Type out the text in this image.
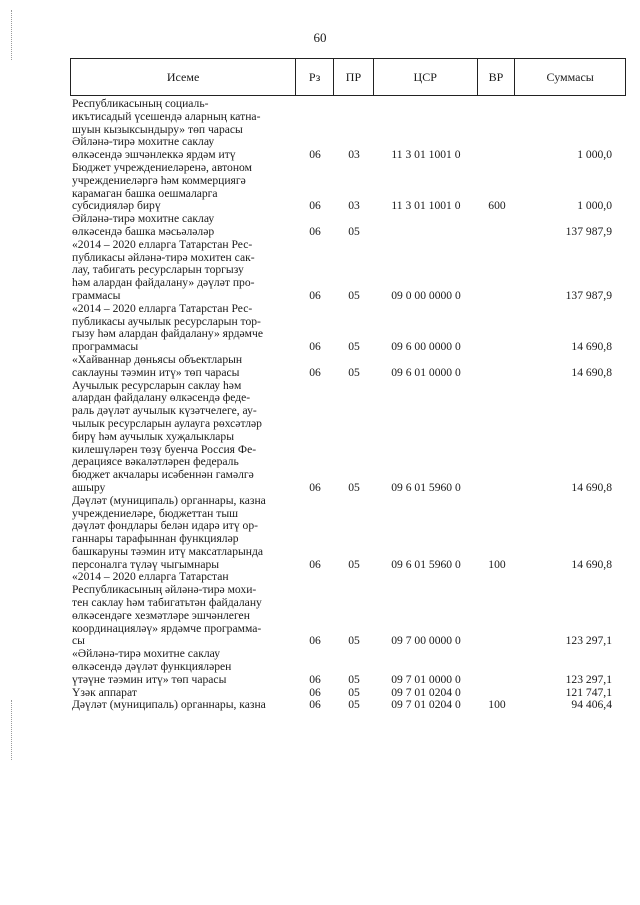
60
Исеме	Рз	ПР	ЦСР	ВР	Суммасы
Республикасының социаль-
икътисадый үсешендә аларның катна-
шуын кызыксындыру» төп чарасы
Әйләнә-тирә мохитне саклау
өлкәсендә эшчәнлеккә ярдәм итү	06	03	11 3 01 1001 0	1 000,0
Бюджет учреждениеләренә, автоном
учреждениеләргә һәм коммерциягә
карамаган башка оешмаларга
субсидияләр бирү	06	03	11 3 01 1001 0	600	1 000,0
Әйләнә-тирә мохитне саклау
өлкәсендә башка мәсьәләләр	06	05	137 987,9
«2014 – 2020 елларга Татарстан Рес-
публикасы әйләнә-тирә мохитен сак-
лау, табигать ресурсларын торгызу
һәм алардан файдалану» дәүләт про-
граммасы	06	05	09 0 00 0000 0	137 987,9
«2014 – 2020 елларга Татарстан Рес-
публикасы аучылык ресурсларын тор-
гызу һәм алардан файдалану» ярдәмче
программасы	06	05	09 6 00 0000 0	14 690,8
«Хайваннар дөньясы объектларын
саклауны тәэмин итү» төп чарасы	06	05	09 6 01 0000 0	14 690,8
Аучылык ресурсларын саклау һәм
алардан файдалану өлкәсендә феде-
раль дәүләт аучылык күзәтчелеге, ау-
чылык ресурсларын аулауга рөхсәтләр
бирү һәм аучылык хуҗалыклары
килешүләрен төзү буенча Россия Фе-
дерациясе вәкаләтләрен федераль
бюджет акчалары исәбеннән гамәлгә
ашыру	06	05	09 6 01 5960 0	14 690,8
Дәүләт (муниципаль) органнары, казна
учреждениеләре, бюджеттан тыш
дәүләт фондлары белән идарә итү ор-
ганнары тарафыннан функцияләр
башкаруны тәэмин итү максатларында
персоналга түләү чыгымнары	06	05	09 6 01 5960 0	100	14 690,8
«2014 – 2020 елларга Татарстан
Республикасының әйләнә-тирә мохи-
тен саклау һәм табигатьтән файдалану
өлкәсендәге хезмәтләре эшчәнлеген
координацияләү» ярдәмче программа-
сы	06	05	09 7 00 0000 0	123 297,1
«Әйләнә-тирә мохитне саклау
өлкәсендә дәүләт функцияләрен
үтәүне тәэмин итү» төп чарасы	06	05	09 7 01 0000 0	123 297,1
Үзәк аппарат	06	05	09 7 01 0204 0	121 747,1
Дәүләт (муниципаль) органнары, казна	06	05	09 7 01 0204 0	100	94 406,4
